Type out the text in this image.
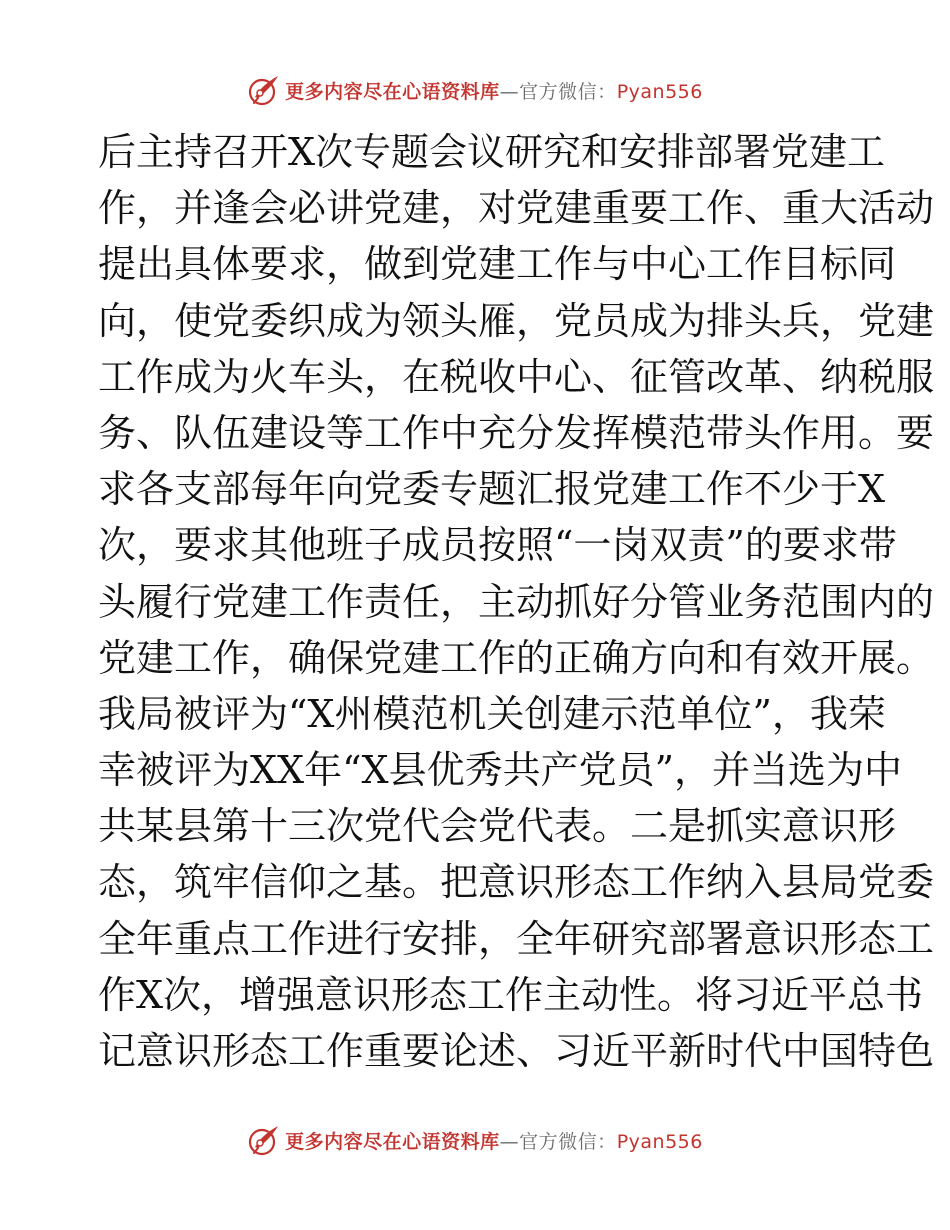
更多内容尽在心语资料库—官方微信：Pyan556
后主持召开X次专题会议研究和安排部署党建工
作，并逢会必讲党建，对党建重要工作、重大活动
提出具体要求，做到党建工作与中心工作目标同
向，使党委织成为领头雁，党员成为排头兵，党建
工作成为火车头，在税收中心、征管改革、纳税服
务、队伍建设等工作中充分发挥模范带头作用。要
求各支部每年向党委专题汇报党建工作不少于X
次，要求其他班子成员按照“一岗双责”的要求带
头履行党建工作责任，主动抓好分管业务范围内的
党建工作，确保党建工作的正确方向和有效开展。
我局被评为“X州模范机关创建示范单位”，我荣
幸被评为XX年“X县优秀共产党员”，并当选为中
共某县第十三次党代会党代表。二是抓实意识形
态，筑牢信仰之基。把意识形态工作纳入县局党委
全年重点工作进行安排，全年研究部署意识形态工
作X次，增强意识形态工作主动性。将习近平总书
记意识形态工作重要论述、习近平新时代中国特色
更多内容尽在心语资料库—官方微信：Pyan556
